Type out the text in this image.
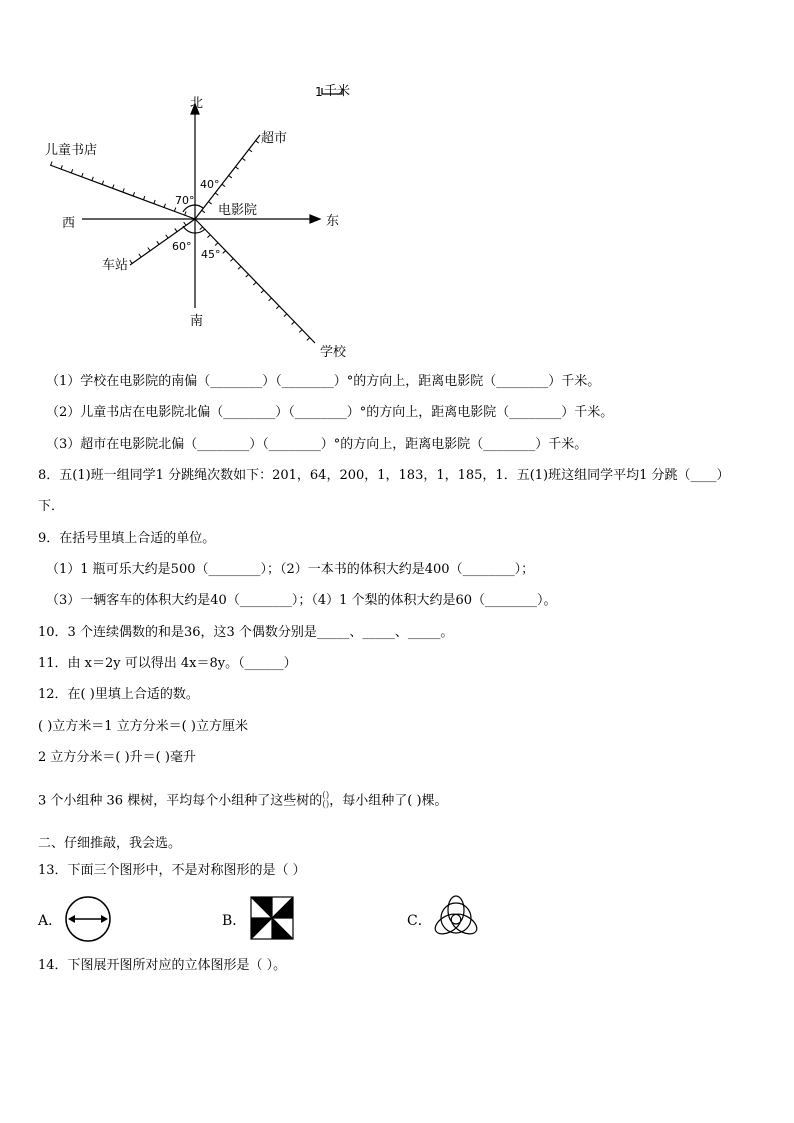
北
南
东
西
1 千米
电影院
儿童书店
超市
车站
学校
70°
40°
60°
45°
（1）学校在电影院的南偏（________）（________）°的方向上，距离电影院（________）千米。
（2）儿童书店在电影院北偏（________）（________）°的方向上，距离电影院（________）千米。
（3）超市在电影院北偏（________）（________）°的方向上，距离电影院（________）千米。
8．五(1)班一组同学1 分跳绳次数如下：201，64，200，1，183，1，185，1．五(1)班这组同学平均1 分跳（____）
下．
9．在括号里填上合适的单位。
（1）1 瓶可乐大约是500（________）；（2）一本书的体积大约是400（________）；
（3）一辆客车的体积大约是40（________）；（4）1 个梨的体积大约是60（________）。
10．3 个连续偶数的和是36，这3 个偶数分别是_____、_____、_____。
11．由 x＝2y 可以得出 4x＝8y。（______）
12．在( )里填上合适的数。
( )立方米＝1 立方分米＝( )立方厘米
2 立方分米＝( )升＝( )毫升
3 个小组种 36 棵树，平均每个小组种了这些树的 ()
() ，每小组种了( )棵。
二、仔细推敲，我会选。
13．下面三个图形中，不是对称图形的是（ ）
A．	B．	C．
14．下图展开图所对应的立体图形是（ ）。
